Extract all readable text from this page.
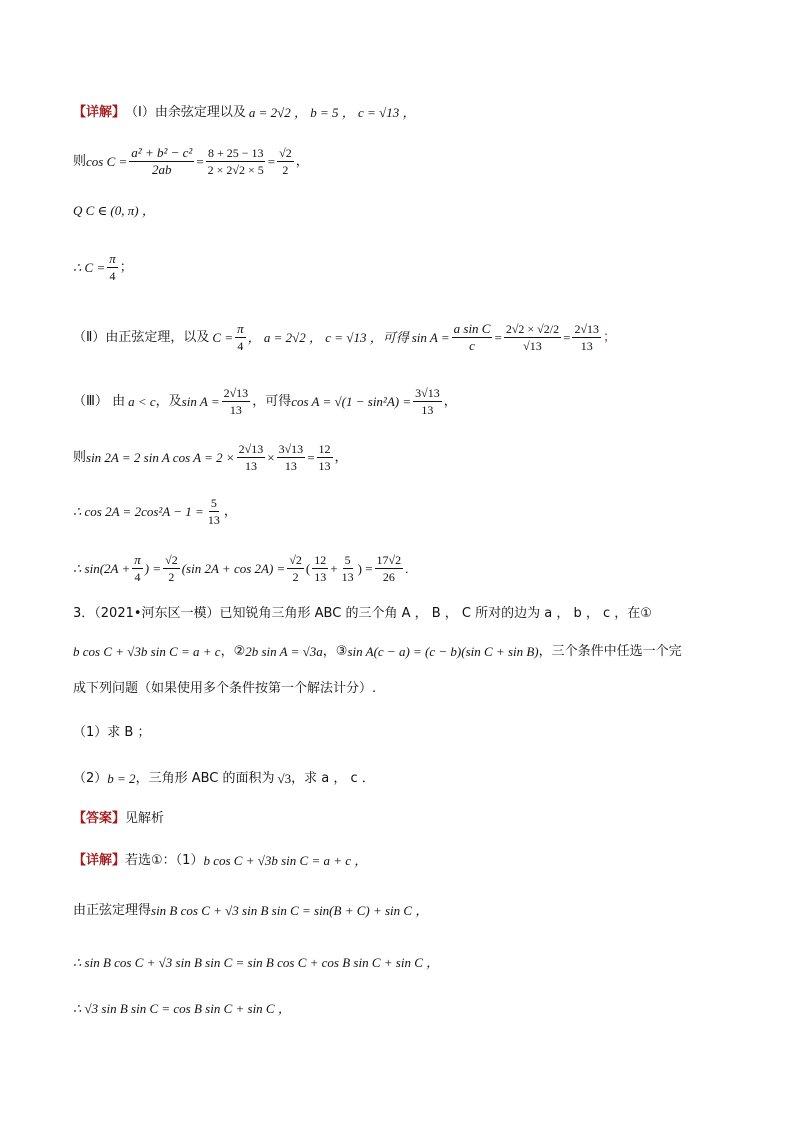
【详解】 （Ⅰ）由余弦定理以及 a = 2√2 ， b = 5 ， c = √13 ，
则 $\cos C = \frac{\text{a² + b² − c²}}{2ab} = \frac{8 + 25 - 13}{2 \times 2√2 \times 5} = \frac{√2}{2}$ ，
Q C ∈ (0, π) ，
∴ $C = \frac{\pi}{4}$ ；
（Ⅱ）由正弦定理，以及 $C = \frac{\pi}{4}$ ， a = 2√2 ， c = √13 ，可得 $\sin A = \frac{\text{a sin C}}{c} = \frac{2√2 \times √2/2}{√13} = \frac{2√13}{13}$ ；
（Ⅲ） 由 a < c ，及 $\sin A = \frac{2√13}{13}$ ，可得 $\cos A = √(1 - \sin^2A) = \frac{3√13}{13}$ ，
则 sin 2A = 2 sin A $\cos A = 2 \times \frac{2√13}{13} \times \frac{3√13}{13} = \frac{12}{13}$ ，
∴ $\cos 2A = 2\cos^2A - 1 = \frac{5}{13}$ ，
∴ $\sin(2A + \frac{\pi}{4}$ ) = $\frac{√2}{2} (\sin$ $2A + \cos 2A) = \frac{√2}{2}$ ( $\frac{12}{13} + \frac{5}{13}$ ) = $\frac{17√2}{26}$ .
3．（2021•河东区一模）已知锐角三角形 ABC 的三个角 A ， B ， C 所对的边为 a ， b ， c ，在①
b cos C + √3b sin C = a + c ，② 2b sin A = √3a ，③ sin A(c − a) = (c − b)(sin C + sin B) ，三个条件中任选一个完
成下列问题（如果使用多个条件按第一个解法计分）.
（1）求 B ；
（2） b = 2 ，三角形 ABC 的面积为 √3 ，求 a ， c ．
【答案】 见解析
【详解】 若选①：（1） b cos C + √3b sin C = a + c ，
由正弦定理得 sin B cos C + √3 sin B sin C = sin(B + C) + sin C ，
∴ sin B cos C + √3 sin B sin C = sin B cos C + cos B sin C + sin C ，
∴ √3 sin B sin C = cos B sin C + sin C ，
